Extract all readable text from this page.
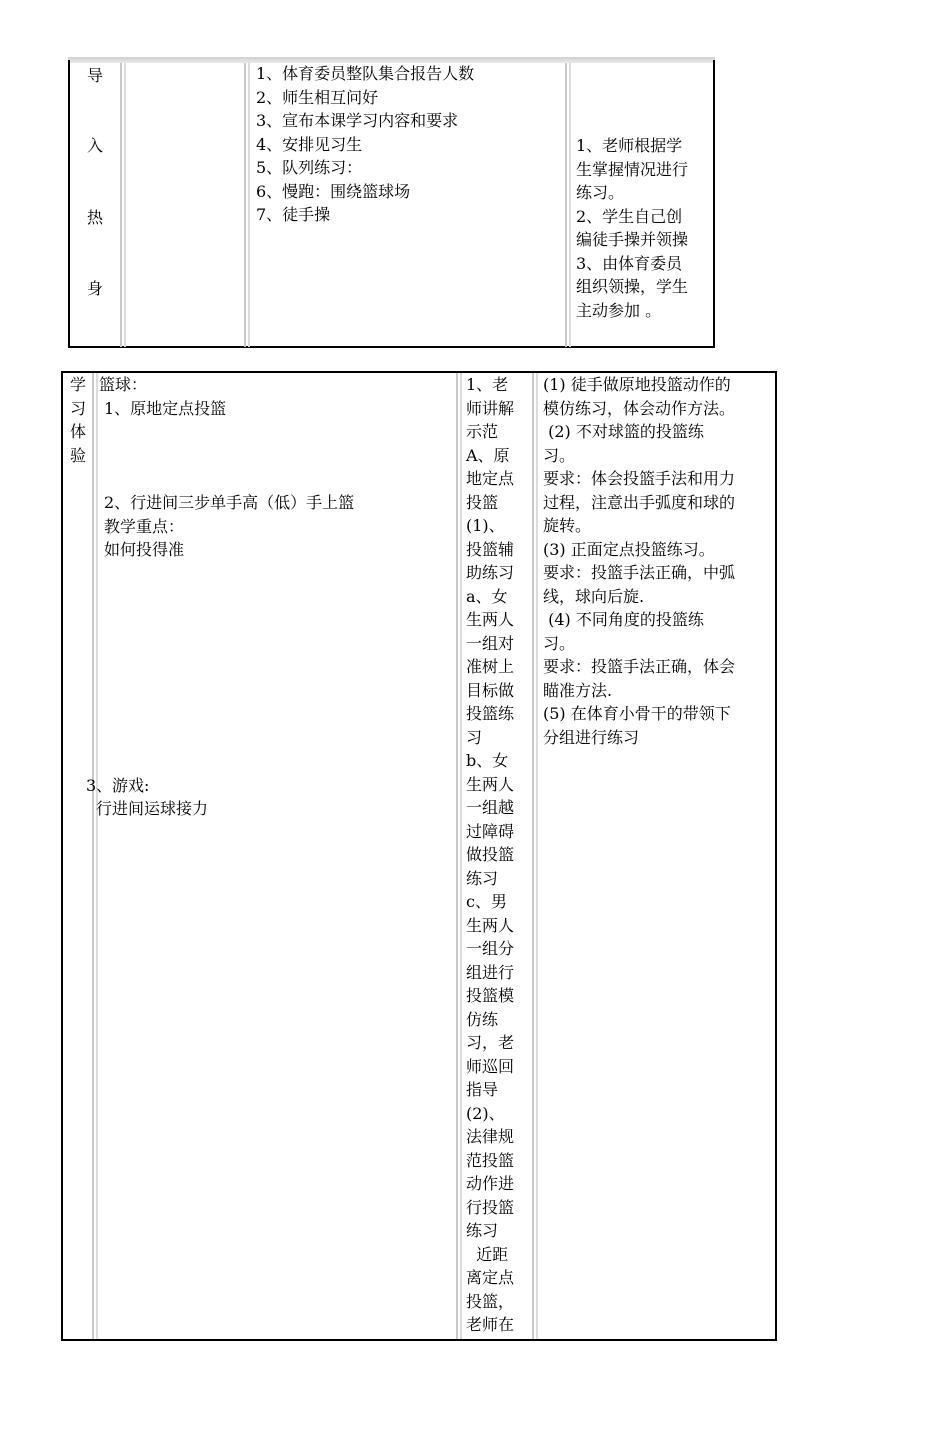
导
入
热
身
1、体育委员整队集合报告人数
2、师生相互问好
3、宣布本课学习内容和要求
4、安排见习生
5、队列练习：
6、慢跑：围绕篮球场
7、徒手操
1、老师根据学
生掌握情况进行
练习。
2、学生自己创
编徒手操并领操
3、由体育委员
组织领操，学生
主动参加 。
学
习
体
验
篮球：
1、原地定点投篮
2、行进间三步单手高（低）手上篮
教学重点：
如何投得准
3 、游戏:
行进间运球接力
1、老
师讲解
示范
A、原
地定点
投篮
(1)、
投篮辅
助练习
a、女
生两人
一组对
准树上
目标做
投篮练
习
b、女
生两人
一组越
过障碍
做投篮
练习
c、男
生两人
一组分
组进行
投篮模
仿练
习，老
师巡回
指导
(2)、
法律规
范投篮
动作进
行投篮
练习
近距
离定点
投篮，
老师在
(1) 徒手做原地投篮动作的
模仿练习，体会动作方法。
(2) 不对球篮的投篮练
习。
要求：体会投篮手法和用力
过程，注意出手弧度和球的
旋转。
(3) 正面定点投篮练习。
要求：投篮手法正确，中弧
线，球向后旋.
(4) 不同角度的投篮练
习。
要求：投篮手法正确，体会
瞄准方法.
(5) 在体育小骨干的带领下
分组进行练习
